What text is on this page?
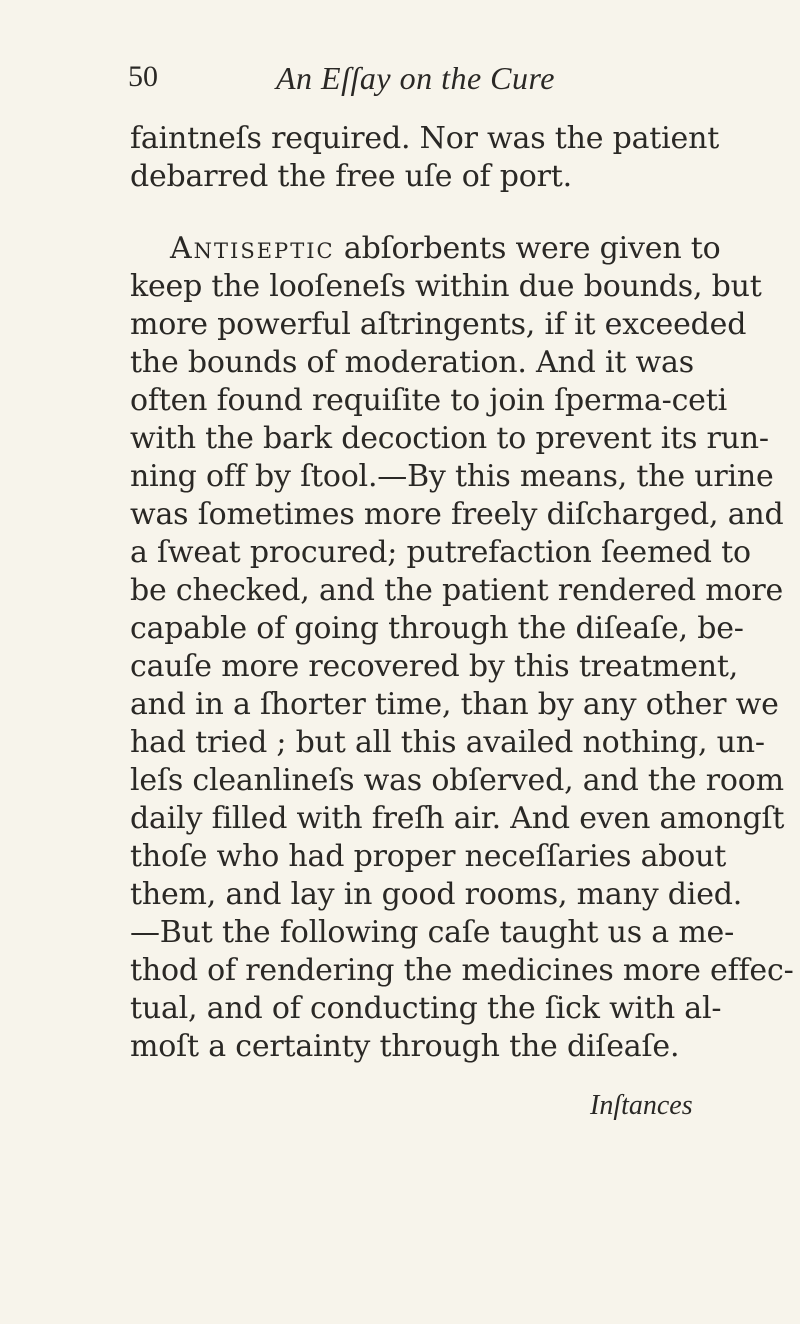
50	An Eſſay on the Cure
faintneſs required. Nor was the patient
debarred the free uſe of port.
Antiseptic abſorbents were given to
keep the looſeneſs within due bounds, but
more powerful aſtringents, if it exceeded
the bounds of moderation. And it was
often found requiſite to join ſperma-ceti
with the bark decoction to prevent its run-
ning off by ſtool.—By this means, the urine
was ſometimes more freely diſcharged, and
a ſweat procured; putrefaction ſeemed to
be checked, and the patient rendered more
capable of going through the diſeaſe, be-
cauſe more recovered by this treatment,
and in a ſhorter time, than by any other we
had tried ; but all this availed nothing, un-
leſs cleanlineſs was obſerved, and the room
daily filled with freſh air. And even amongſt
thoſe who had proper neceſſaries about
them, and lay in good rooms, many died.
—But the following caſe taught us a me-
thod of rendering the medicines more effec-
tual, and of conducting the ſick with al-
moſt a certainty through the diſeaſe.
Inſtances
